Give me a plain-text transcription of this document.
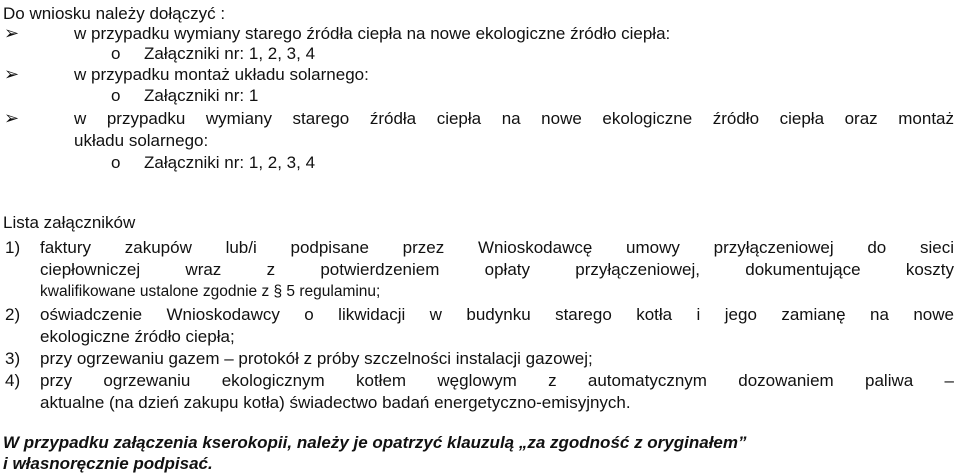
Do wniosku należy dołączyć :
➢	w przypadku wymiany starego źródła ciepła na nowe ekologiczne źródło ciepła:
o Załączniki nr: 1, 2, 3, 4
➢	w przypadku montaż układu solarnego:
o Załączniki nr: 1
➢	w przypadku wymiany starego źródła ciepła na nowe ekologiczne źródło ciepła oraz montaż
układu solarnego:
o Załączniki nr: 1, 2, 3, 4
Lista załączników
1) faktury zakupów lub/i podpisane przez Wnioskodawcę umowy przyłączeniowej do sieci
ciepłowniczej wraz z potwierdzeniem opłaty przyłączeniowej, dokumentujące koszty
kwalifikowane ustalone zgodnie z § 5 regulaminu;
2) oświadczenie Wnioskodawcy o likwidacji w budynku starego kotła i jego zamianę na nowe
ekologiczne źródło ciepła;
3) przy ogrzewaniu gazem – protokół z próby szczelności instalacji gazowej;
4) przy ogrzewaniu ekologicznym kotłem węglowym z automatycznym dozowaniem paliwa –
aktualne (na dzień zakupu kotła) świadectwo badań energetyczno-emisyjnych.
W przypadku załączenia kserokopii, należy je opatrzyć klauzulą „za zgodność z oryginałem”
i własnoręcznie podpisać.
